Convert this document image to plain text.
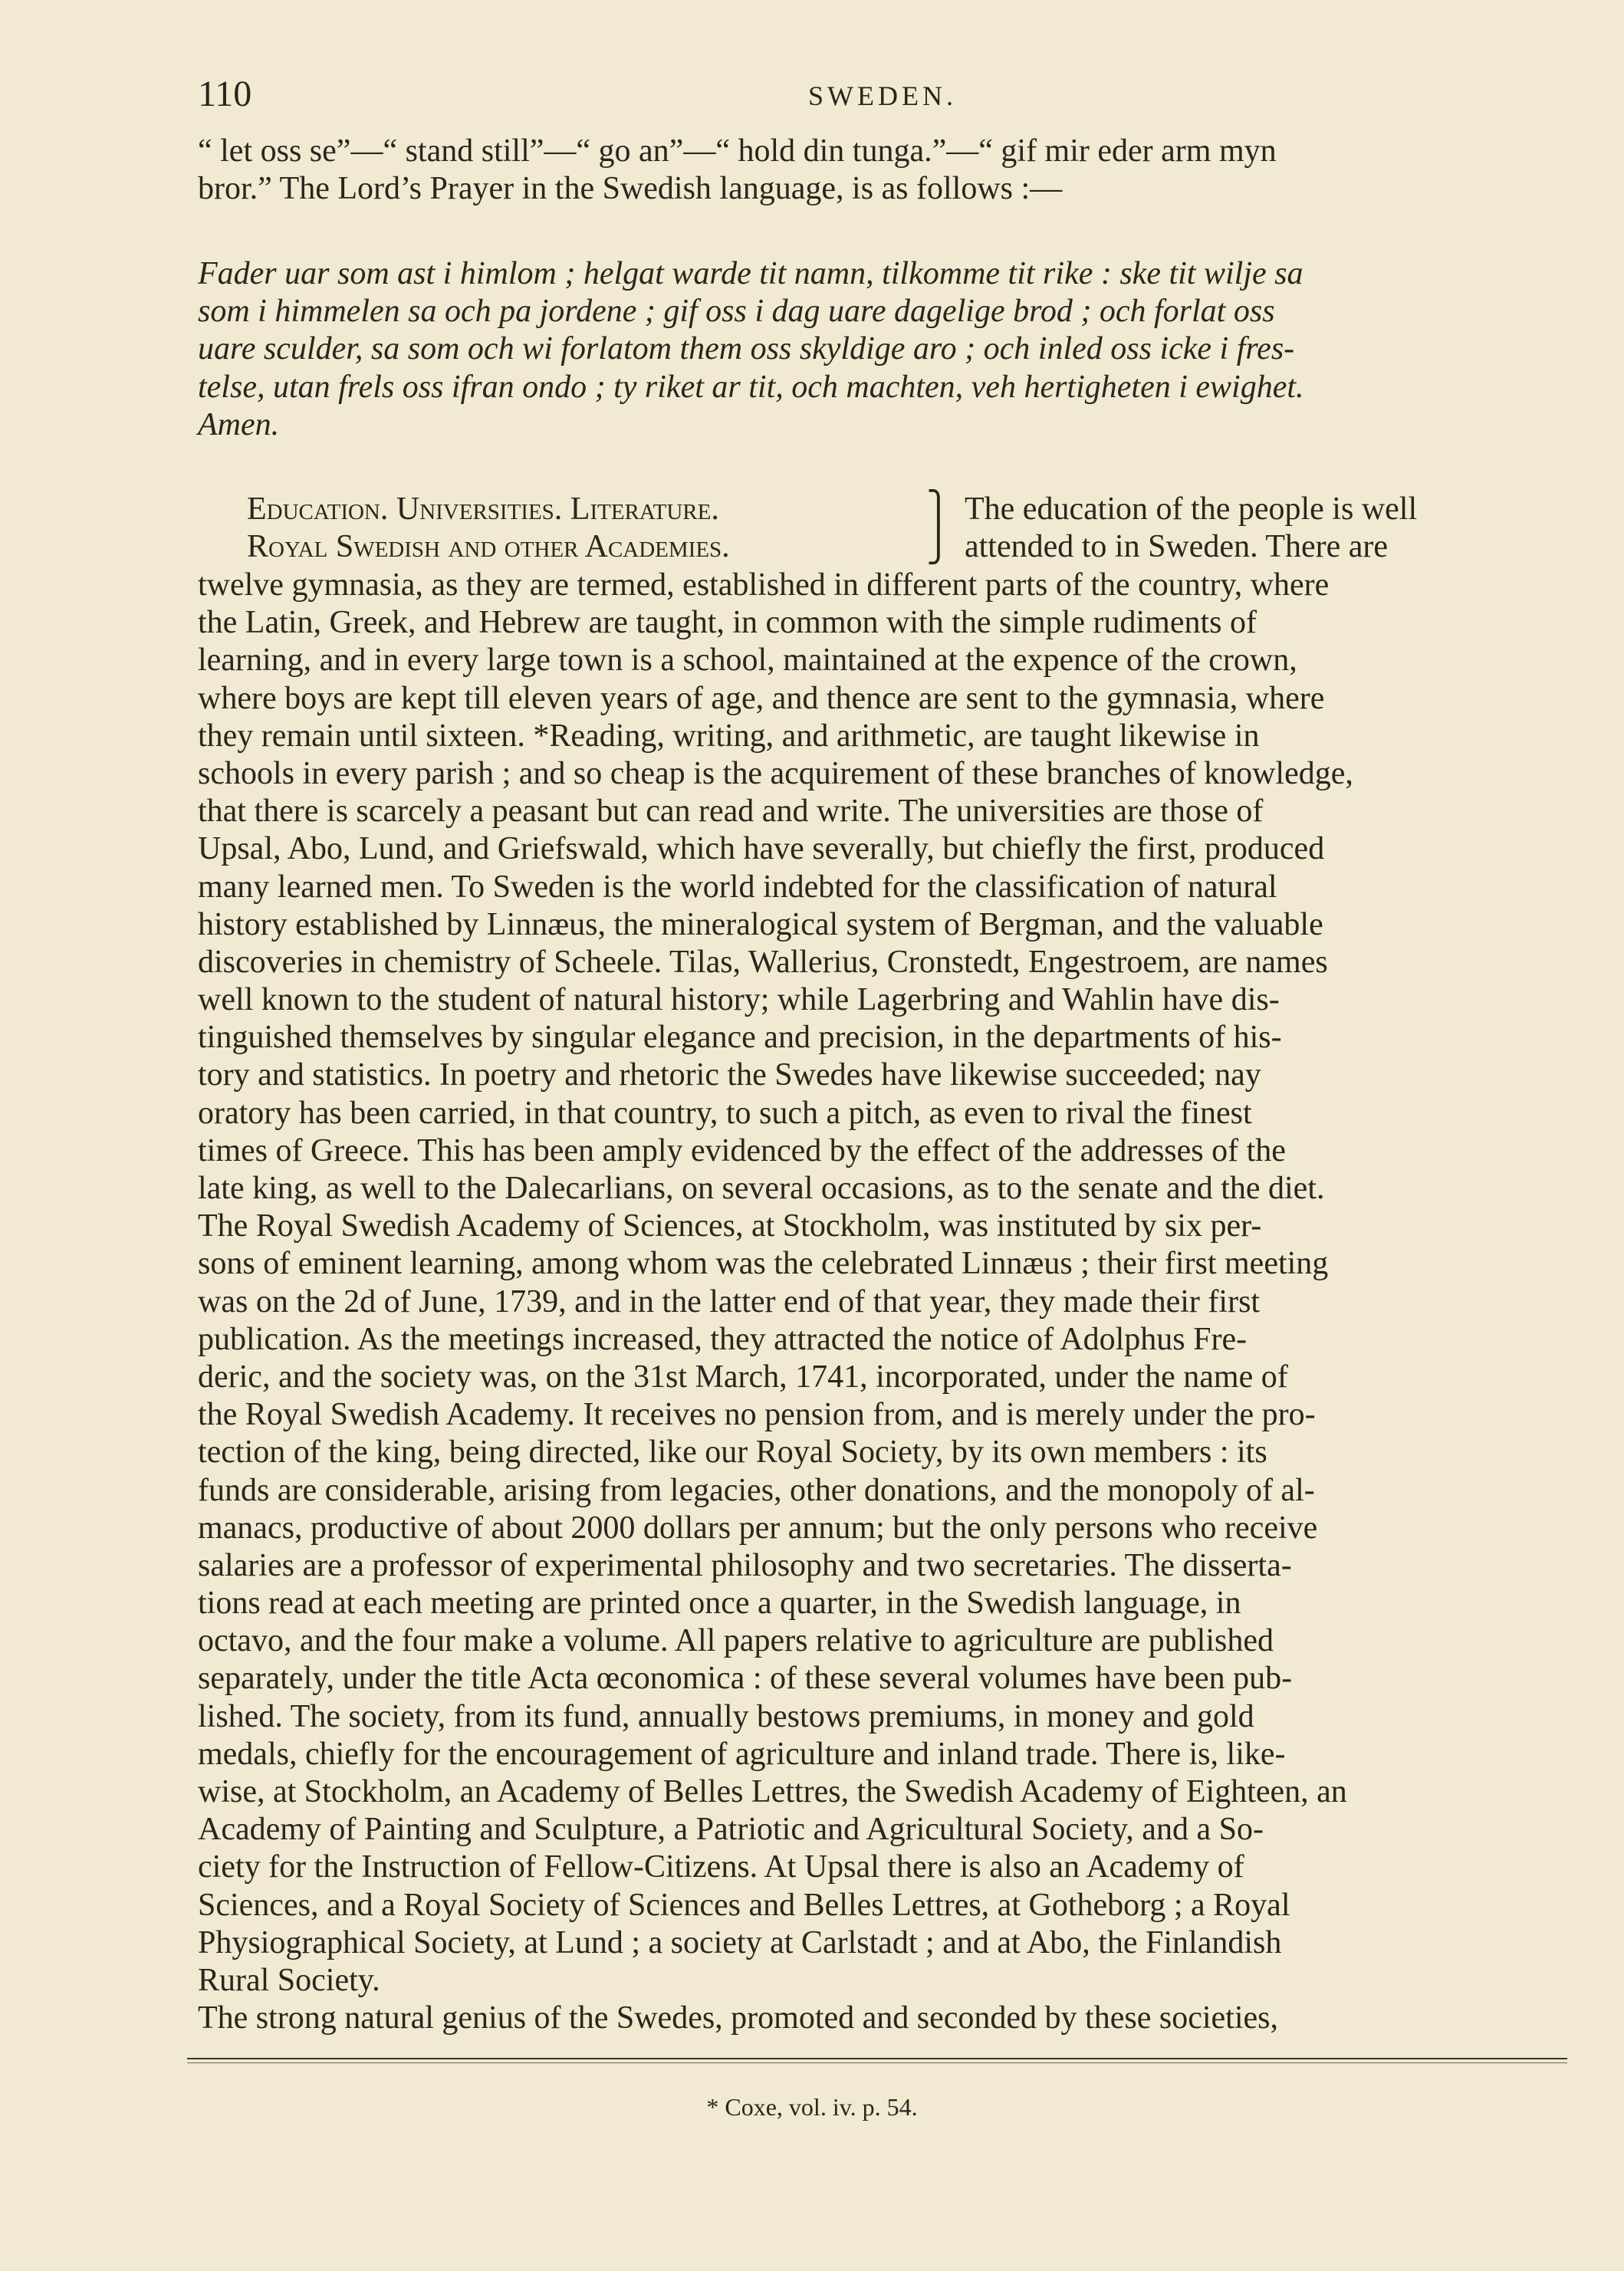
110	SWEDEN.
“ let oss se”—“ stand still”—“ go an”—“ hold din tunga.”—“ gif mir eder arm myn
bror.” The Lord’s Prayer in the Swedish language, is as follows :—
Fader uar som ast i himlom ; helgat warde tit namn, tilkomme tit rike : ske tit wilje sa
som i himmelen sa och pa jordene ; gif oss i dag uare dagelige brod ; och forlat oss
uare sculder, sa som och wi forlatom them oss skyldige aro ; och inled oss icke i fres-
telse, utan frels oss ifran ondo ; ty riket ar tit, och machten, veh hertigheten i ewighet.
Amen.
Education. Universities. Literature.	⎫ The education of the people is well
Royal Swedish and other Academies.	⎭ attended to in Sweden. There are
twelve gymnasia, as they are termed, established in different parts of the country, where
the Latin, Greek, and Hebrew are taught, in common with the simple rudiments of
learning, and in every large town is a school, maintained at the expence of the crown,
where boys are kept till eleven years of age, and thence are sent to the gymnasia, where
they remain until sixteen. *Reading, writing, and arithmetic, are taught likewise in
schools in every parish ; and so cheap is the acquirement of these branches of knowledge,
that there is scarcely a peasant but can read and write. The universities are those of
Upsal, Abo, Lund, and Griefswald, which have severally, but chiefly the first, produced
many learned men. To Sweden is the world indebted for the classification of natural
history established by Linnæus, the mineralogical system of Bergman, and the valuable
discoveries in chemistry of Scheele. Tilas, Wallerius, Cronstedt, Engestroem, are names
well known to the student of natural history; while Lagerbring and Wahlin have dis-
tinguished themselves by singular elegance and precision, in the departments of his-
tory and statistics. In poetry and rhetoric the Swedes have likewise succeeded; nay
oratory has been carried, in that country, to such a pitch, as even to rival the finest
times of Greece. This has been amply evidenced by the effect of the addresses of the
late king, as well to the Dalecarlians, on several occasions, as to the senate and the diet.
The Royal Swedish Academy of Sciences, at Stockholm, was instituted by six per-
sons of eminent learning, among whom was the celebrated Linnæus ; their first meeting
was on the 2d of June, 1739, and in the latter end of that year, they made their first
publication. As the meetings increased, they attracted the notice of Adolphus Fre-
deric, and the society was, on the 31st March, 1741, incorporated, under the name of
the Royal Swedish Academy. It receives no pension from, and is merely under the pro-
tection of the king, being directed, like our Royal Society, by its own members : its
funds are considerable, arising from legacies, other donations, and the monopoly of al-
manacs, productive of about 2000 dollars per annum; but the only persons who receive
salaries are a professor of experimental philosophy and two secretaries. The disserta-
tions read at each meeting are printed once a quarter, in the Swedish language, in
octavo, and the four make a volume. All papers relative to agriculture are published
separately, under the title Acta œconomica : of these several volumes have been pub-
lished. The society, from its fund, annually bestows premiums, in money and gold
medals, chiefly for the encouragement of agriculture and inland trade. There is, like-
wise, at Stockholm, an Academy of Belles Lettres, the Swedish Academy of Eighteen, an
Academy of Painting and Sculpture, a Patriotic and Agricultural Society, and a So-
ciety for the Instruction of Fellow-Citizens. At Upsal there is also an Academy of
Sciences, and a Royal Society of Sciences and Belles Lettres, at Gotheborg ; a Royal
Physiographical Society, at Lund ; a society at Carlstadt ; and at Abo, the Finlandish
Rural Society.
The strong natural genius of the Swedes, promoted and seconded by these societies,
* Coxe, vol. iv. p. 54.
